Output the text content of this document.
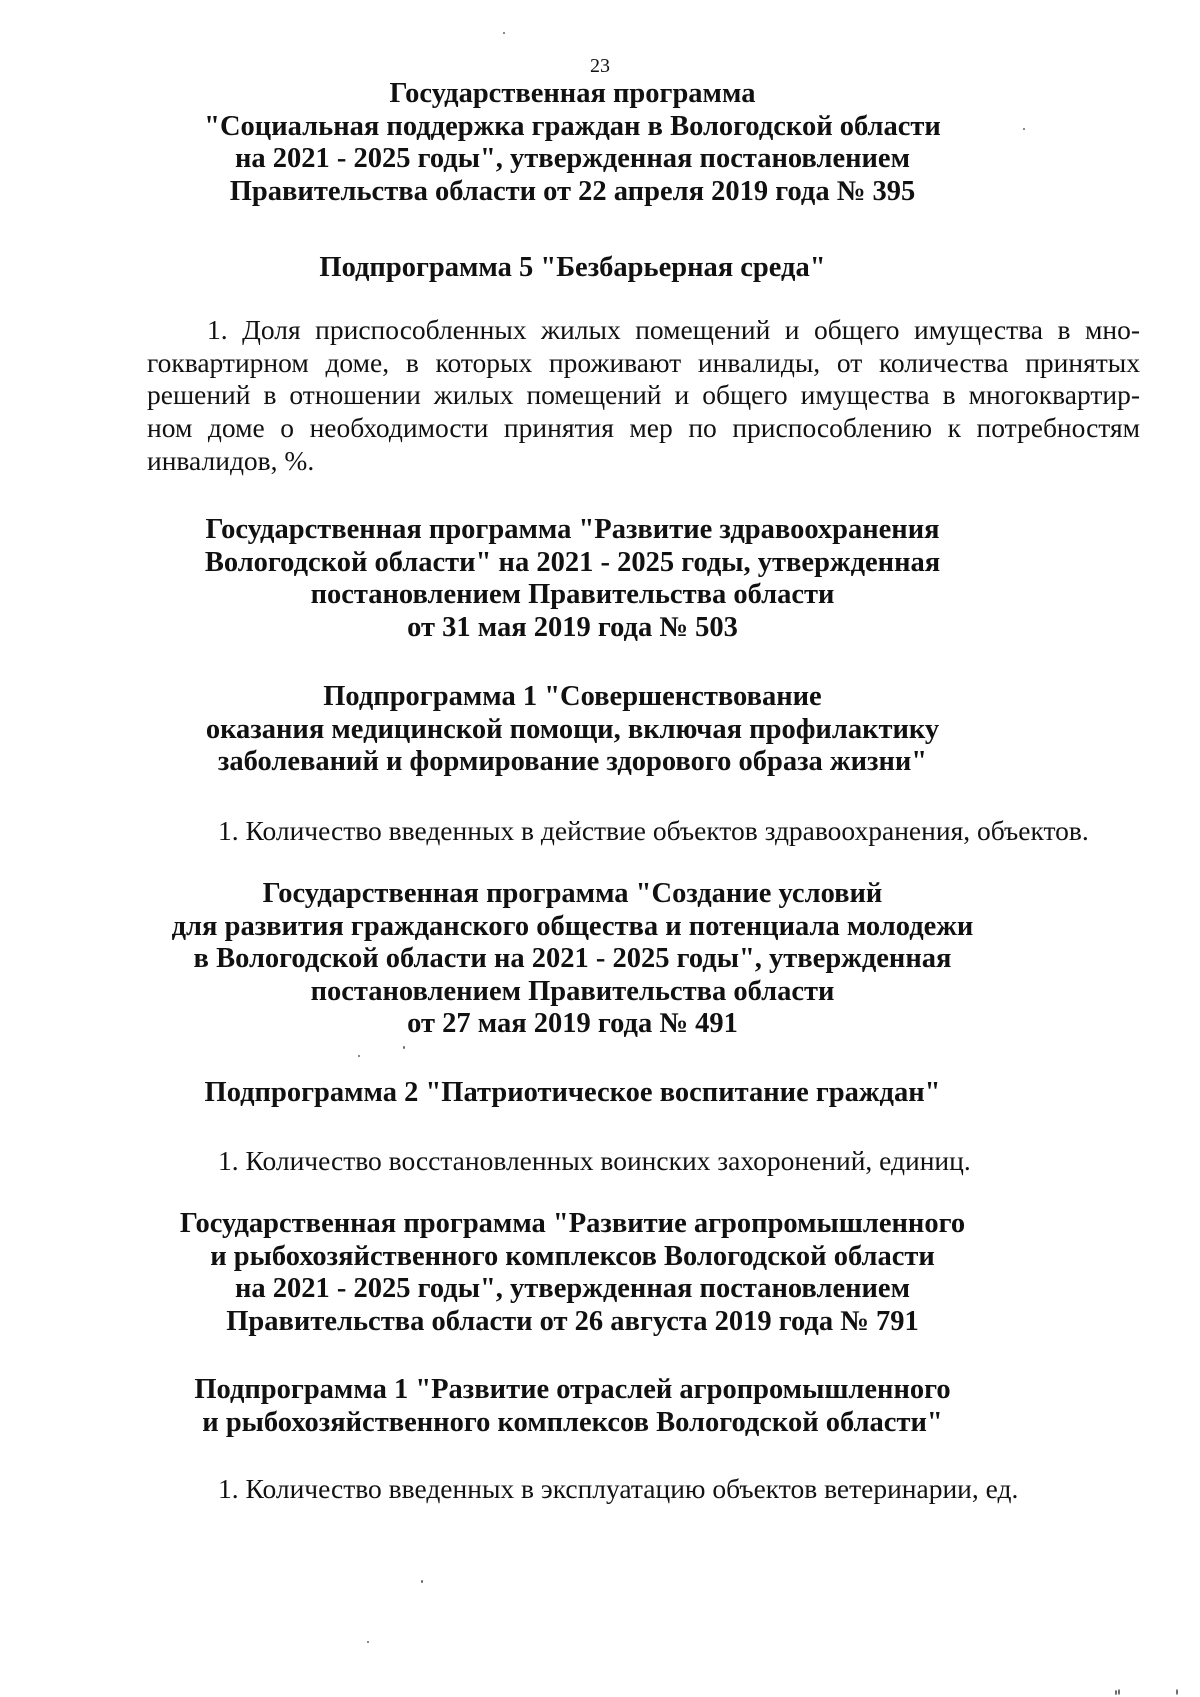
23

Государственная программа

"Социальная поддержка граждан в Вологодской области

на 2021 - 2025 годы", утвержденная постановлением

Правительства области от 22 апреля 2019 года № 395

Подпрограмма 5 "Безбарьерная среда"

1. Доля приспособленных жилых помещений и общего имущества в мно-

гоквартирном доме, в которых проживают инвалиды, от количества принятых

решений в отношении жилых помещений и общего имущества в многоквартир-

ном доме о необходимости принятия мер по приспособлению к потребностям

инвалидов, %.

Государственная программа "Развитие здравоохранения

Вологодской области" на 2021 - 2025 годы, утвержденная

постановлением Правительства области

от 31 мая 2019 года № 503

Подпрограмма 1 "Совершенствование

оказания медицинской помощи, включая профилактику

заболеваний и формирование здорового образа жизни"

1. Количество введенных в действие объектов здравоохранения, объектов.

Государственная программа "Создание условий

для развития гражданского общества и потенциала молодежи

в Вологодской области на 2021 - 2025 годы", утвержденная

постановлением Правительства области

от 27 мая 2019 года № 491

Подпрограмма 2 "Патриотическое воспитание граждан"

1. Количество восстановленных воинских захоронений, единиц.

Государственная программа "Развитие агропромышленного

и рыбохозяйственного комплексов Вологодской области

на 2021 - 2025 годы", утвержденная постановлением

Правительства области от 26 августа 2019 года № 791

Подпрограмма 1 "Развитие отраслей агропромышленного

и рыбохозяйственного комплексов Вологодской области"

1. Количество введенных в эксплуатацию объектов ветеринарии, ед.
